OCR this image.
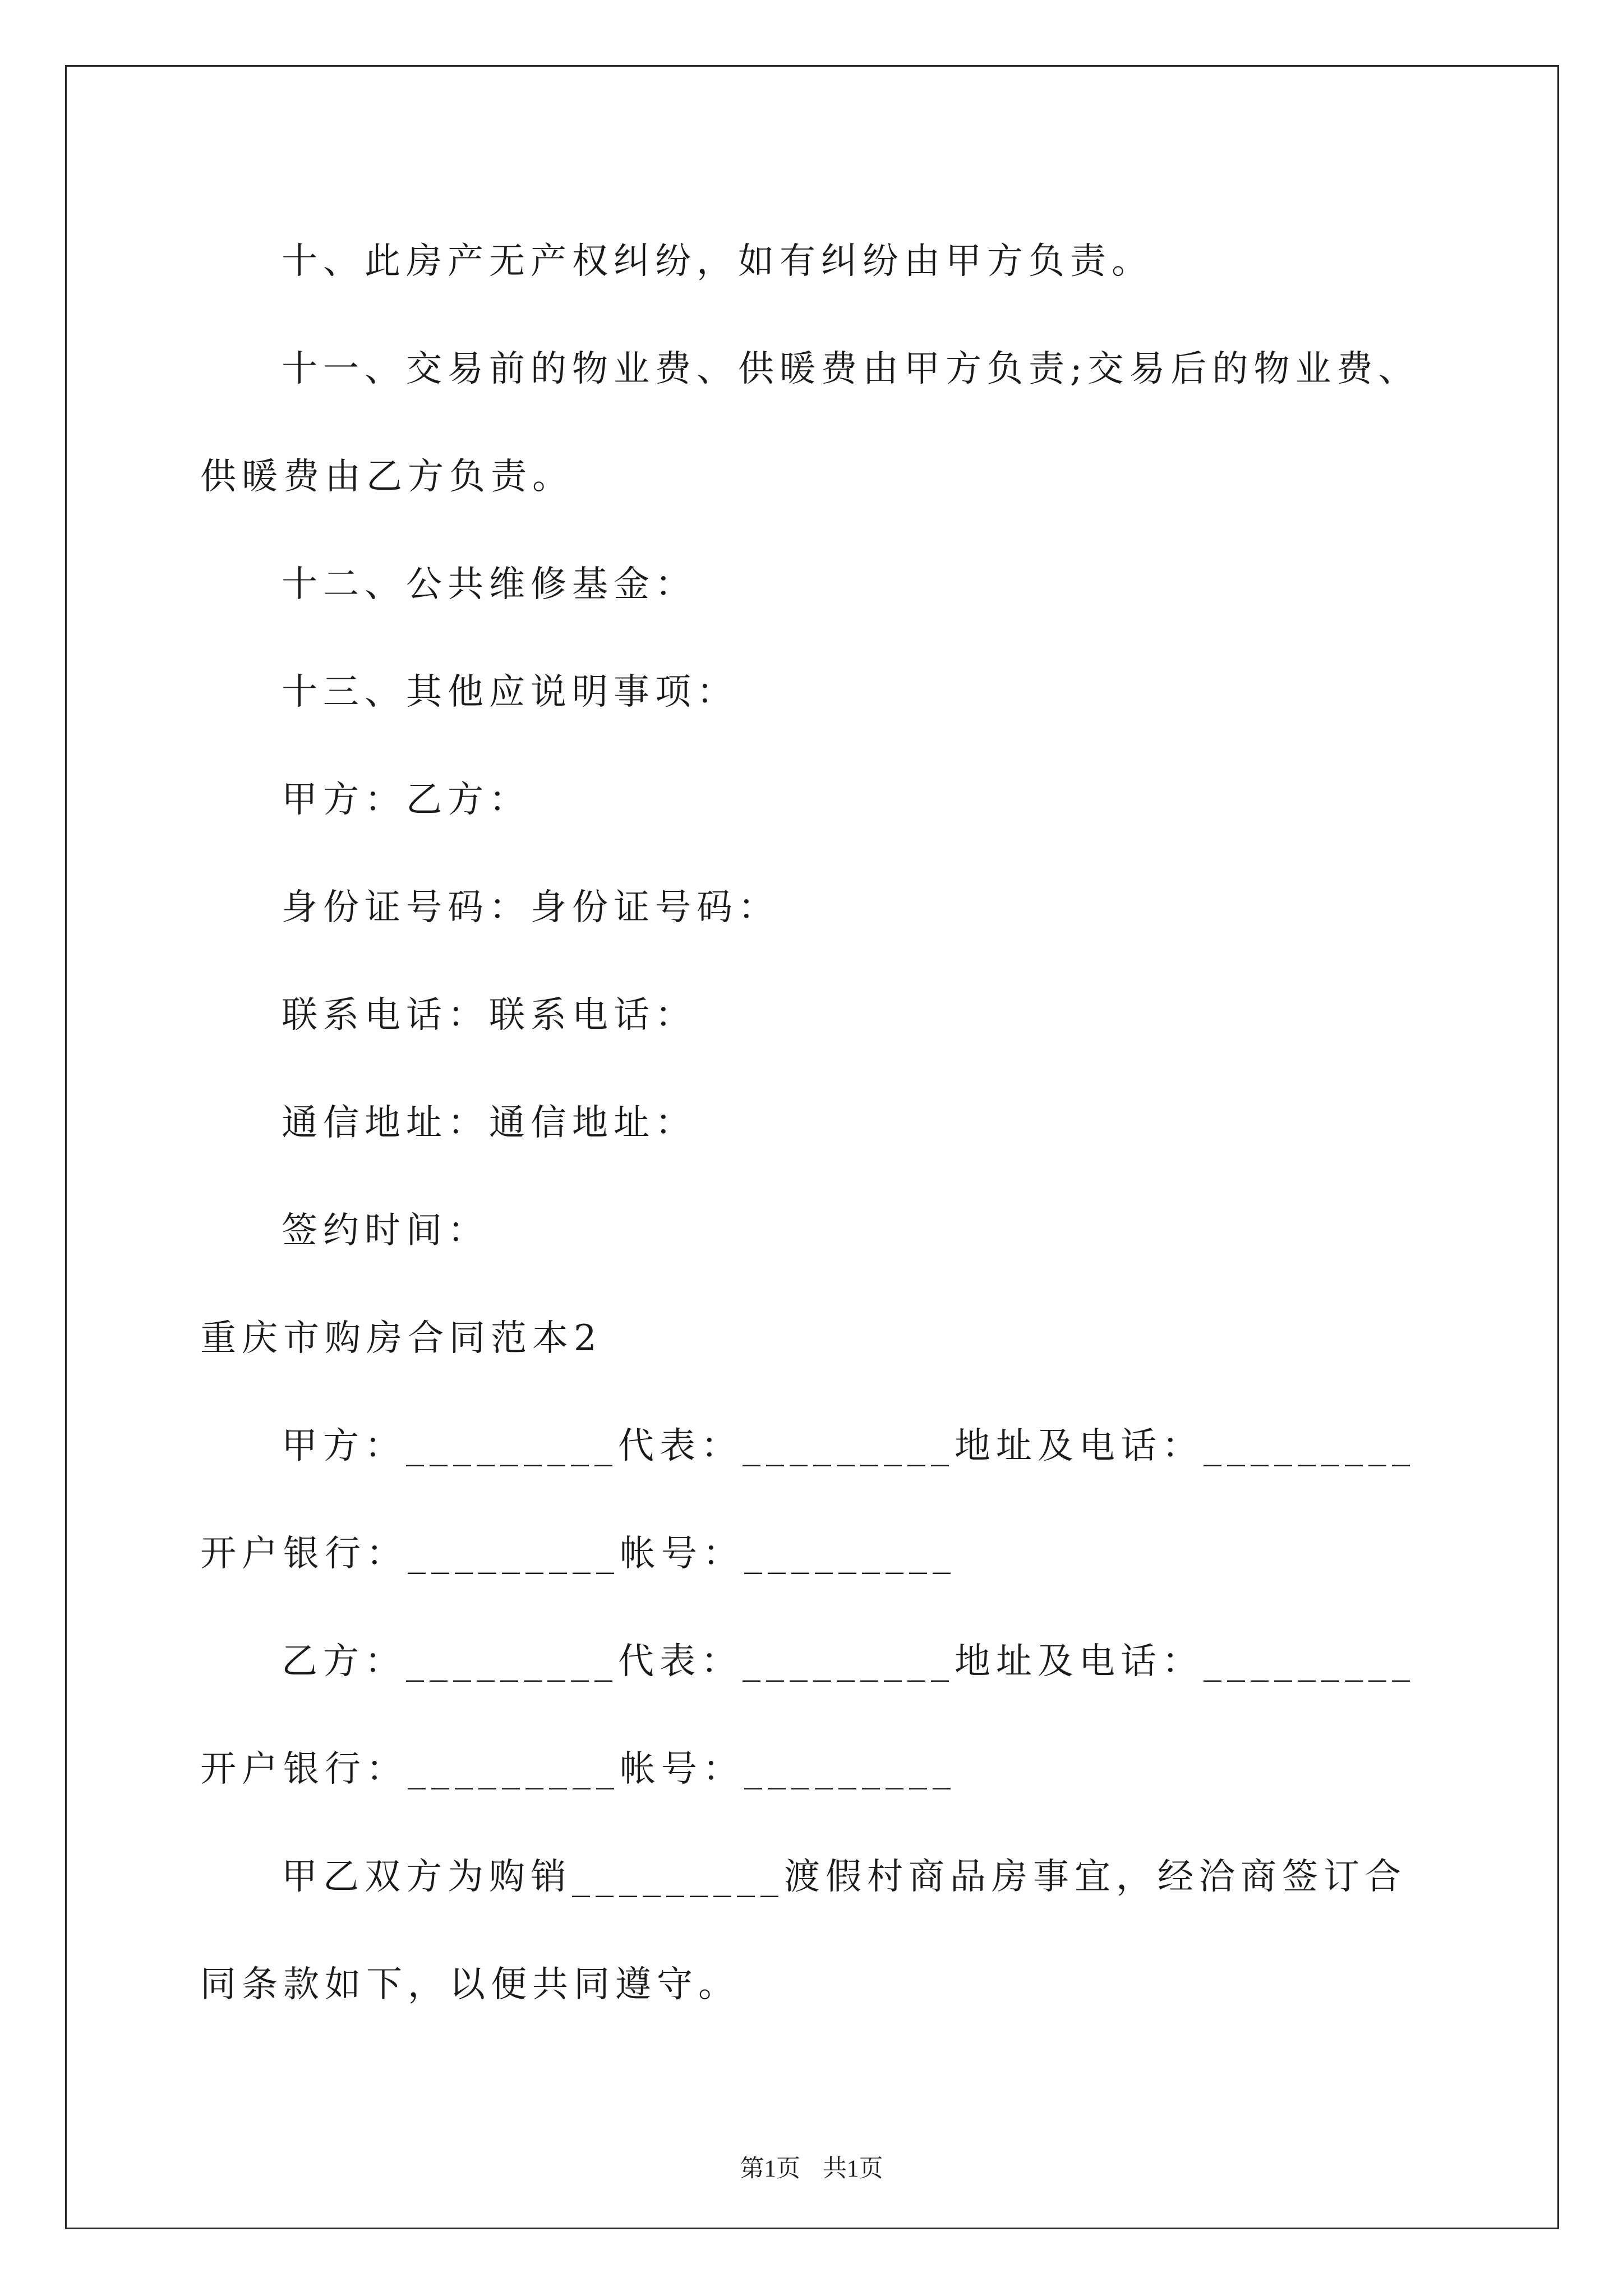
十、此房产无产权纠纷，如有纠纷由甲方负责。

十一、交易前的物业费、供暖费由甲方负责;交易后的物业费、供暖费由乙方负责。

十二、公共维修基金：

十三、其他应说明事项：

甲方：乙方：

身份证号码：身份证号码：

联系电话：联系电话：

通信地址：通信地址：

签约时间：

重庆市购房合同范本2

甲方：_________代表：_________地址及电话：_________开户银行：_________帐号：_________

乙方：_________代表：_________地址及电话：_________开户银行：_________帐号：_________

甲乙双方为购销_________渡假村商品房事宜，经洽商签订合同条款如下，以便共同遵守。

第1页 共1页
